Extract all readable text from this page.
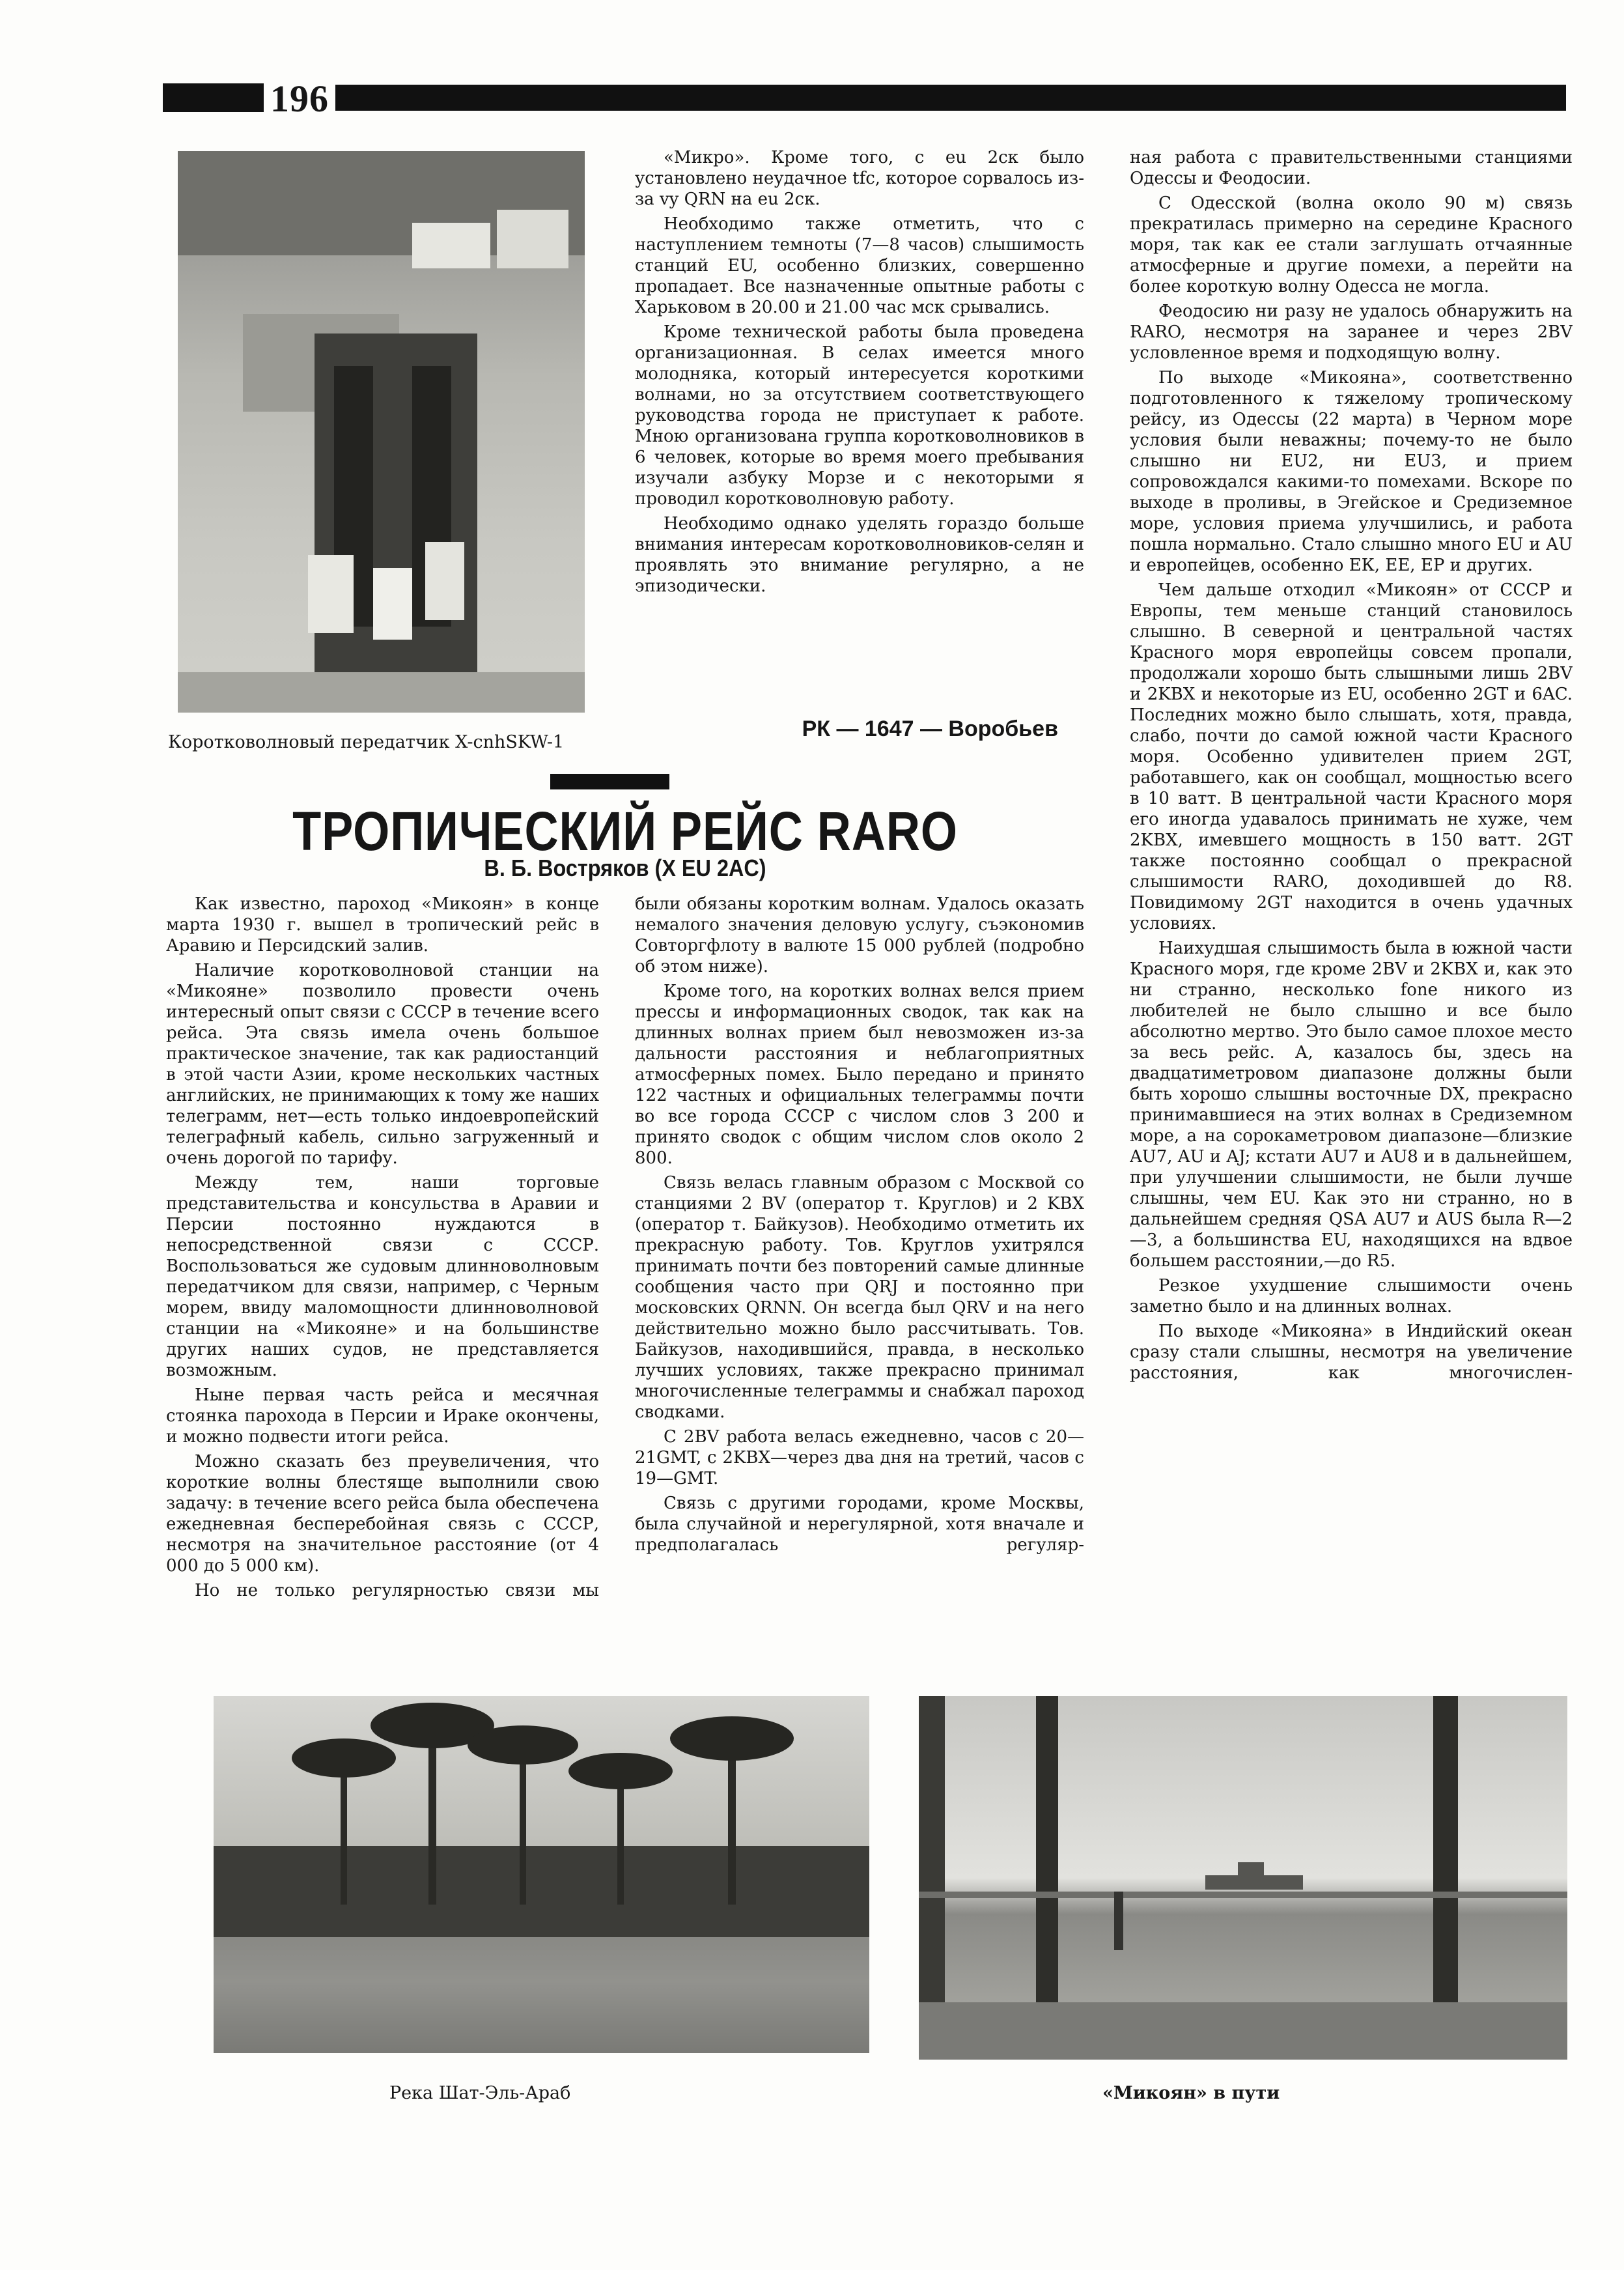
196
Коротковолновый передатчик X-cnhSKW-1

«Микро». Кроме того, с eu 2ск было установлено неудачное tfc, которое сорвалось из-за vy QRN на eu 2ск.

Необходимо также отметить, что с наступлением темноты (7—8 часов) слышимость станций EU, особенно близких, совершенно пропадает. Все назначенные опытные работы с Харьковом в 20.00 и 21.00 час мск срывались.

Кроме технической работы была проведена организационная. В селах имеется много молодняка, который интересуется короткими волнами, но за отсутствием соответствующего руководства города не приступает к работе. Мною организована группа коротковолновиков в 6 человек, которые во время моего пребывания изучали азбуку Морзе и с некоторыми я проводил коротковолновую работу.

Необходимо однако уделять гораздо больше внимания интересам коротковолновиков-селян и проявлять это внимание регулярно, а не эпизодически.

РК — 1647 — Воробьев
ТРОПИЧЕСКИЙ РЕЙС RARO
В. Б. Востряков (X EU 2AC)

Как известно, пароход «Микоян» в конце марта 1930 г. вышел в тропический рейс в Аравию и Персидский залив.

Наличие коротковолновой станции на «Микояне» позволило провести очень интересный опыт связи с СССР в течение всего рейса. Эта связь имела очень большое практическое значение, так как радиостанций в этой части Азии, кроме нескольких частных английских, не принимающих к тому же наших телеграмм, нет—есть только индоевропейский телеграфный кабель, сильно загруженный и очень дорогой по тарифу.

Между тем, наши торговые представительства и консульства в Аравии и Персии постоянно нуждаются в непосредственной связи с СССР. Воспользоваться же судовым длинноволновым передатчиком для связи, например, с Черным морем, ввиду маломощности длинноволновой станции на «Микояне» и на большинстве других наших судов, не представляется возможным.

Ныне первая часть рейса и месячная стоянка парохода в Персии и Ираке окончены, и можно подвести итоги рейса.

Можно сказать без преувеличения, что короткие волны блестяще выполнили свою задачу: в течение всего рейса была обеспечена ежедневная бесперебойная связь с СССР, несмотря на значительное расстояние (от 4 000 до 5 000 км).

Но не только регулярностью связи мы

были обязаны коротким волнам. Удалось оказать немалого значения деловую услугу, съэкономив Совторгфлоту в валюте 15 000 рублей (подробно об этом ниже).

Кроме того, на коротких волнах велся прием прессы и информационных сводок, так как на длинных волнах прием был невозможен из-за дальности расстояния и неблагоприятных атмосферных помех. Было передано и принято 122 частных и официальных телеграммы почти во все города СССР с числом слов 3 200 и принято сводок с общим числом слов около 2 800.

Связь велась главным образом с Москвой со станциями 2 BV (оператор т. Круглов) и 2 KBX (оператор т. Байкузов). Необходимо отметить их прекрасную работу. Тов. Круглов ухитрялся принимать почти без повторений самые длинные сообщения часто при QRJ и постоянно при московских QRNN. Он всегда был QRV и на него действительно можно было рассчитывать. Тов. Байкузов, находившийся, правда, в несколько лучших условиях, также прекрасно принимал многочисленные телеграммы и снабжал пароход сводками.

С 2BV работа велась ежедневно, часов с 20—21GMT, с 2KBX—через два дня на третий, часов с 19—GMT.

Связь с другими городами, кроме Москвы, была случайной и нерегулярной, хотя вначале и предполагалась регуляр-

ная работа с правительственными станциями Одессы и Феодосии.

С Одесской (волна около 90 м) связь прекратилась примерно на середине Красного моря, так как ее стали заглушать отчаянные атмосферные и другие помехи, а перейти на более короткую волну Одесса не могла.

Феодосию ни разу не удалось обнаружить на RARO, несмотря на заранее и через 2BV условленное время и подходящую волну.

По выходе «Микояна», соответственно подготовленного к тяжелому тропическому рейсу, из Одессы (22 марта) в Черном море условия были неважны; почему-то не было слышно ни EU2, ни EU3, и прием сопровождался какими-то помехами. Вскоре по выходе в проливы, в Эгейское и Средиземное море, условия приема улучшились, и работа пошла нормально. Стало слышно много EU и AU и европейцев, особенно ЕК, ЕЕ, ЕР и других.

Чем дальше отходил «Микоян» от СССР и Европы, тем меньше станций становилось слышно. В северной и центральной частях Красного моря европейцы совсем пропали, продолжали хорошо быть слышными лишь 2BV и 2KBX и некоторые из EU, особенно 2GT и 6AC. Последних можно было слышать, хотя, правда, слабо, почти до самой южной части Красного моря. Особенно удивителен прием 2GT, работавшего, как он сообщал, мощностью всего в 10 ватт. В центральной части Красного моря его иногда удавалось принимать не хуже, чем 2KBX, имевшего мощность в 150 ватт. 2GT также постоянно сообщал о прекрасной слышимости RARO, доходившей до R8. Повидимому 2GT находится в очень удачных условиях.

Наихудшая слышимость была в южной части Красного моря, где кроме 2BV и 2KBX и, как это ни странно, несколько fone никого из любителей не было слышно и все было абсолютно мертво. Это было самое плохое место за весь рейс. А, казалось бы, здесь на двадцатиметровом диапазоне должны были быть хорошо слышны восточные DX, прекрасно принимавшиеся на этих волнах в Средиземном море, а на сорокаметровом диапазоне—близкие AU7, AU и AJ; кстати AU7 и AU8 и в дальнейшем, при улучшении слышимости, не были лучше слышны, чем EU. Как это ни странно, но в дальнейшем средняя QSA AU7 и AUS была R—2—3, а большинства EU, находящихся на вдвое большем расстоянии,—до R5.

Резкое ухудшение слышимости очень заметно было и на длинных волнах.

По выходе «Микояна» в Индийский океан сразу стали слышны, несмотря на увеличение расстояния, как многочислен-

Река Шат-Эль-Араб	«Микоян» в пути
